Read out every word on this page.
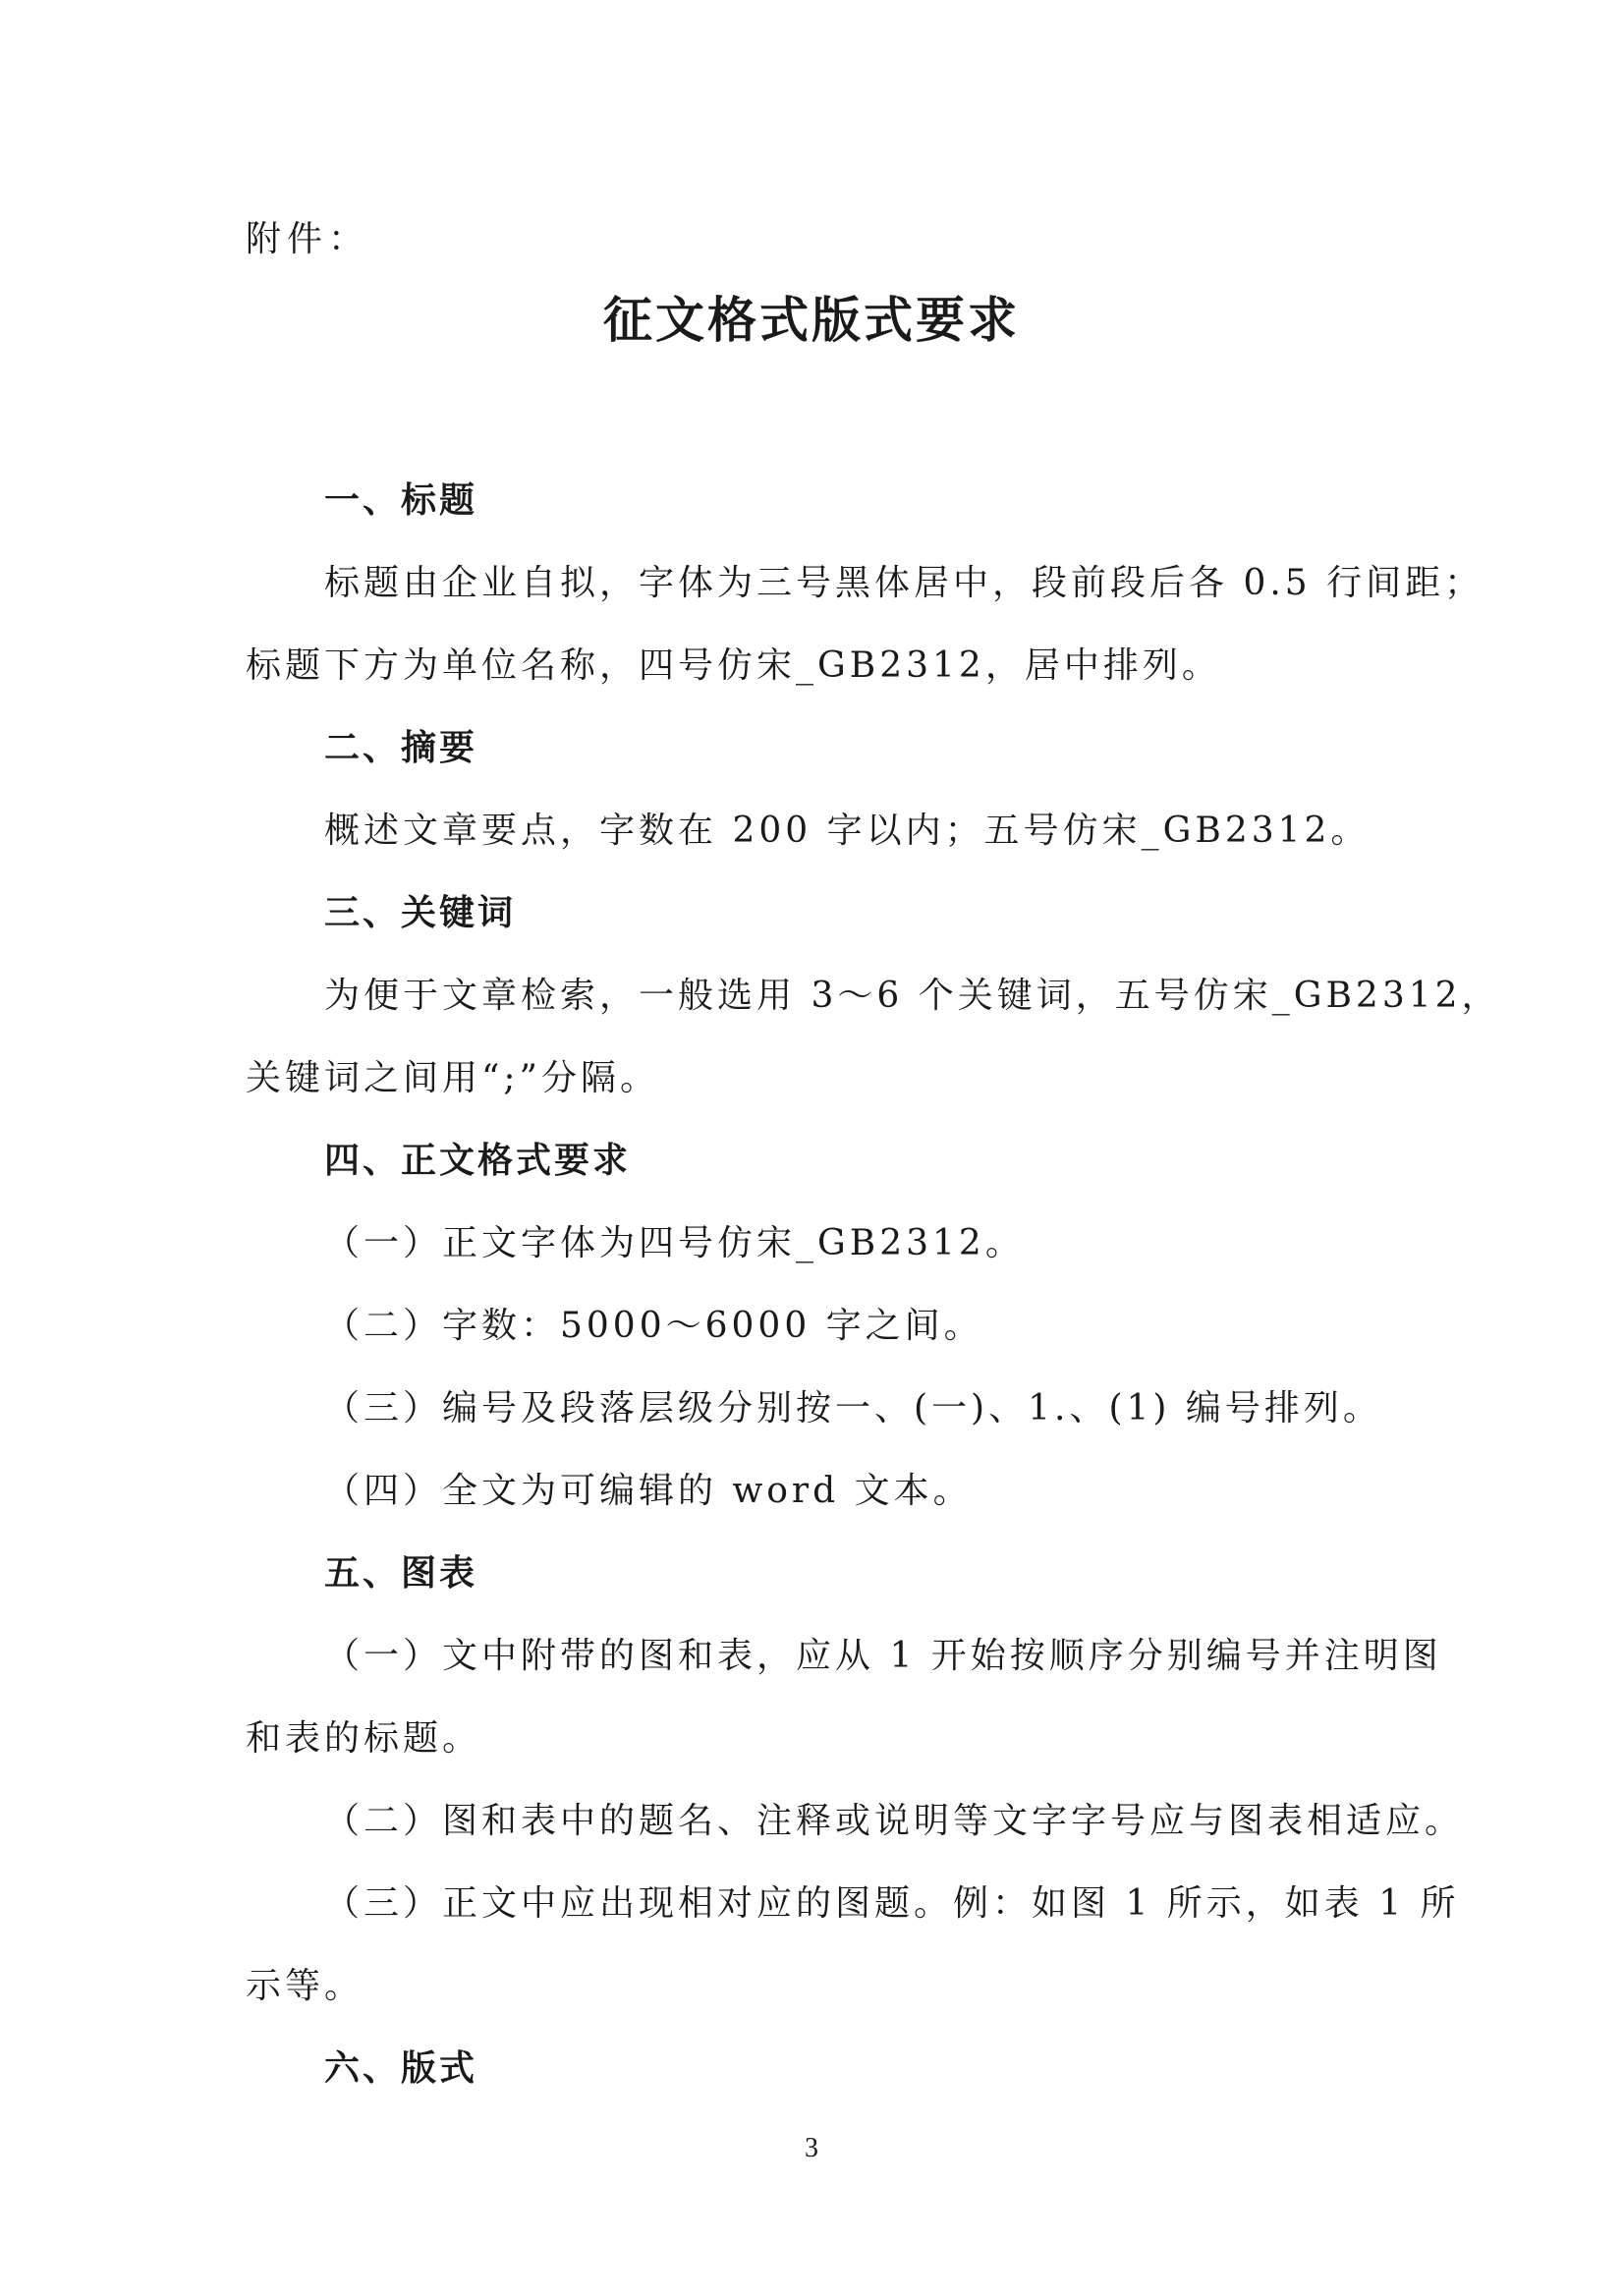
附件：
征文格式版式要求
一、标题
标题由企业自拟，字体为三号黑体居中，段前段后各 0.5 行间距；
标题下方为单位名称，四号仿宋_GB2312，居中排列。
二、摘要
概述文章要点，字数在 200 字以内；五号仿宋_GB2312。
三、关键词
为便于文章检索，一般选用 3～6 个关键词，五号仿宋_GB2312，
关键词之间用“;”分隔。
四、正文格式要求
（一）正文字体为四号仿宋_GB2312。
（二）字数：5000～6000 字之间。
（三）编号及段落层级分别按一、(一)、1.、(1) 编号排列。
（四）全文为可编辑的 word 文本。
五、图表
（一）文中附带的图和表，应从 1 开始按顺序分别编号并注明图
和表的标题。
（二）图和表中的题名、注释或说明等文字字号应与图表相适应。
（三）正文中应出现相对应的图题。例：如图 1 所示，如表 1 所
示等。
六、版式
3
